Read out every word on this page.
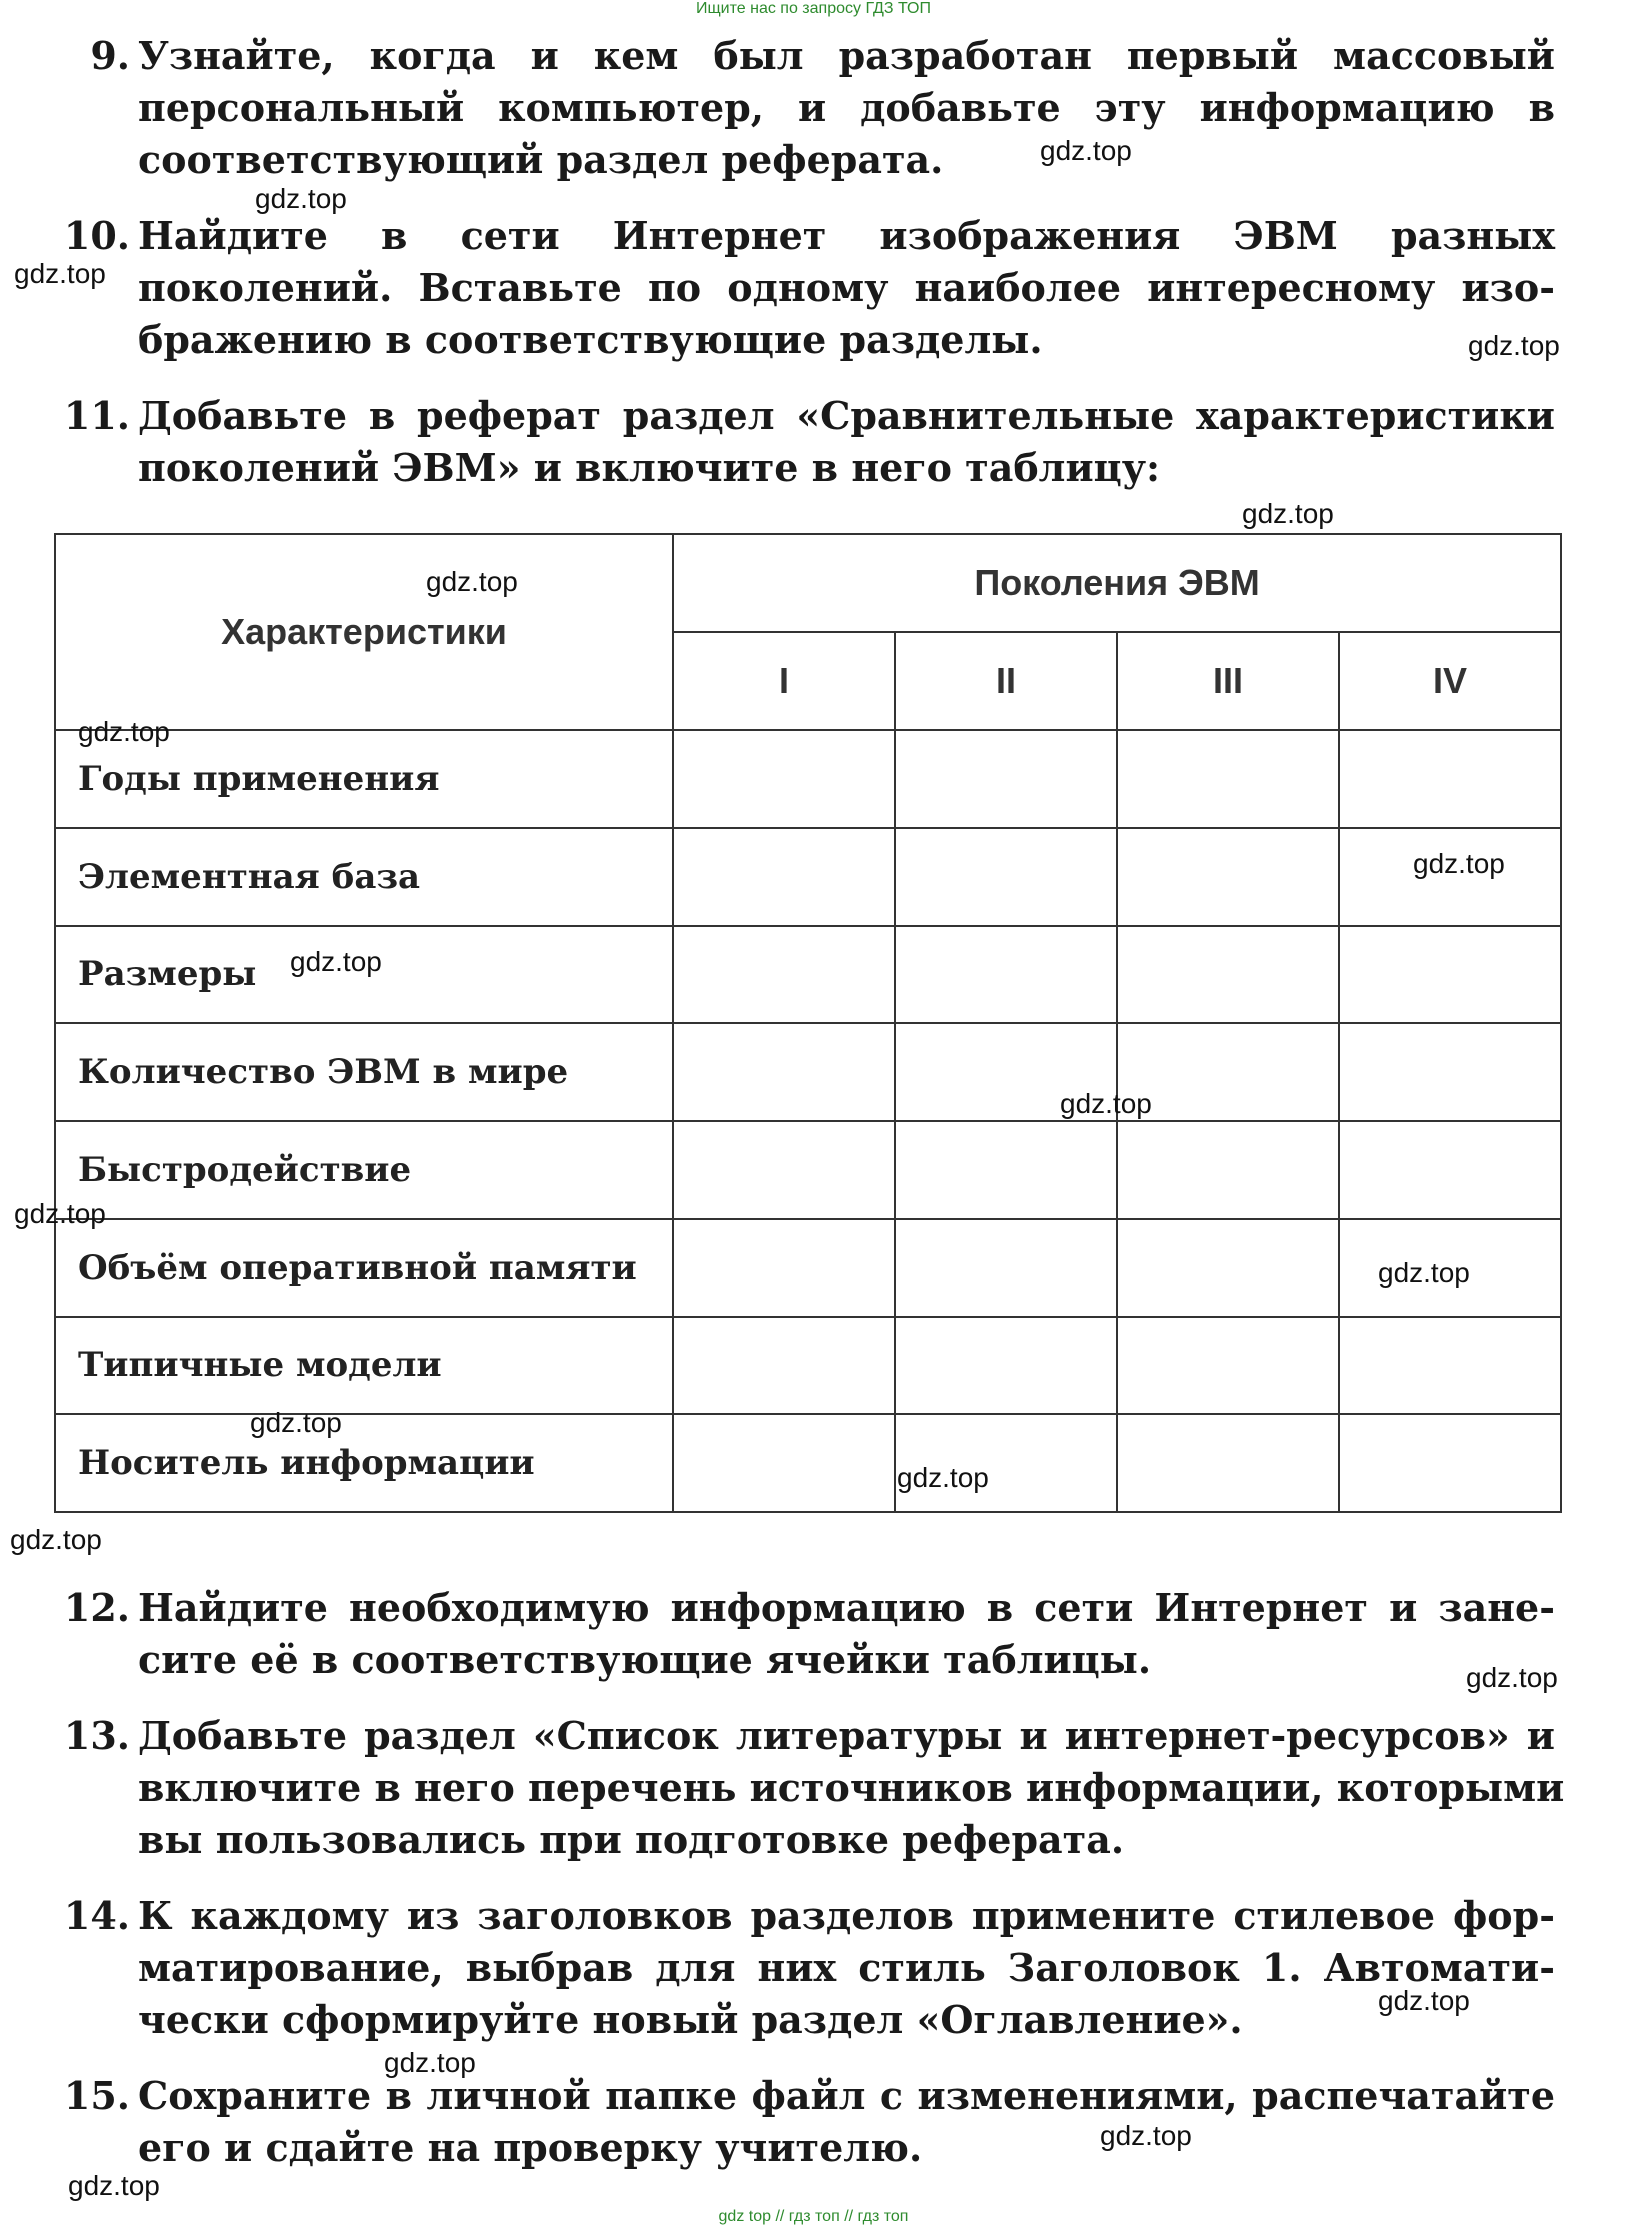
Ищите нас по запросу ГДЗ ТОП
9. Узнайте, когда и кем был разработан первый массовый
персональный компьютер, и добавьте эту информацию в
соответствующий раздел реферата.
10. Найдите в сети Интернет изображения ЭВМ разных
поколений. Вставьте по одному наиболее интересному изо-
бражению в соответствующие разделы.
11. Добавьте в реферат раздел «Сравнительные характеристики
поколений ЭВМ» и включите в него таблицу:
Характеристики	Поколения ЭВМ			
	I	II	III	IV
Годы применения				
Элементная база				
Размеры				
Количество ЭВМ в мире				
Быстродействие				
Объём оперативной памяти				
Типичные модели				
Носитель информации				
12. Найдите необходимую информацию в сети Интернет и зане-
сите её в соответствующие ячейки таблицы.
13. Добавьте раздел «Список литературы и интернет-ресурсов» и
включите в него перечень источников информации, которыми
вы пользовались при подготовке реферата.
14. К каждому из заголовков разделов примените стилевое фор-
матирование, выбрав для них стиль Заголовок 1. Автомати-
чески сформируйте новый раздел «Оглавление».
15. Сохраните в личной папке файл с изменениями, распечатайте
его и сдайте на проверку учителю.
gdz.top
gdz.top
gdz.top
gdz.top
gdz.top
gdz.top
gdz.top
gdz.top
gdz.top
gdz.top
gdz.top
gdz.top
gdz.top
gdz.top
gdz.top
gdz.top
gdz.top
gdz.top
gdz.top
gdz.top
gdz top // гдз топ // гдз топ
